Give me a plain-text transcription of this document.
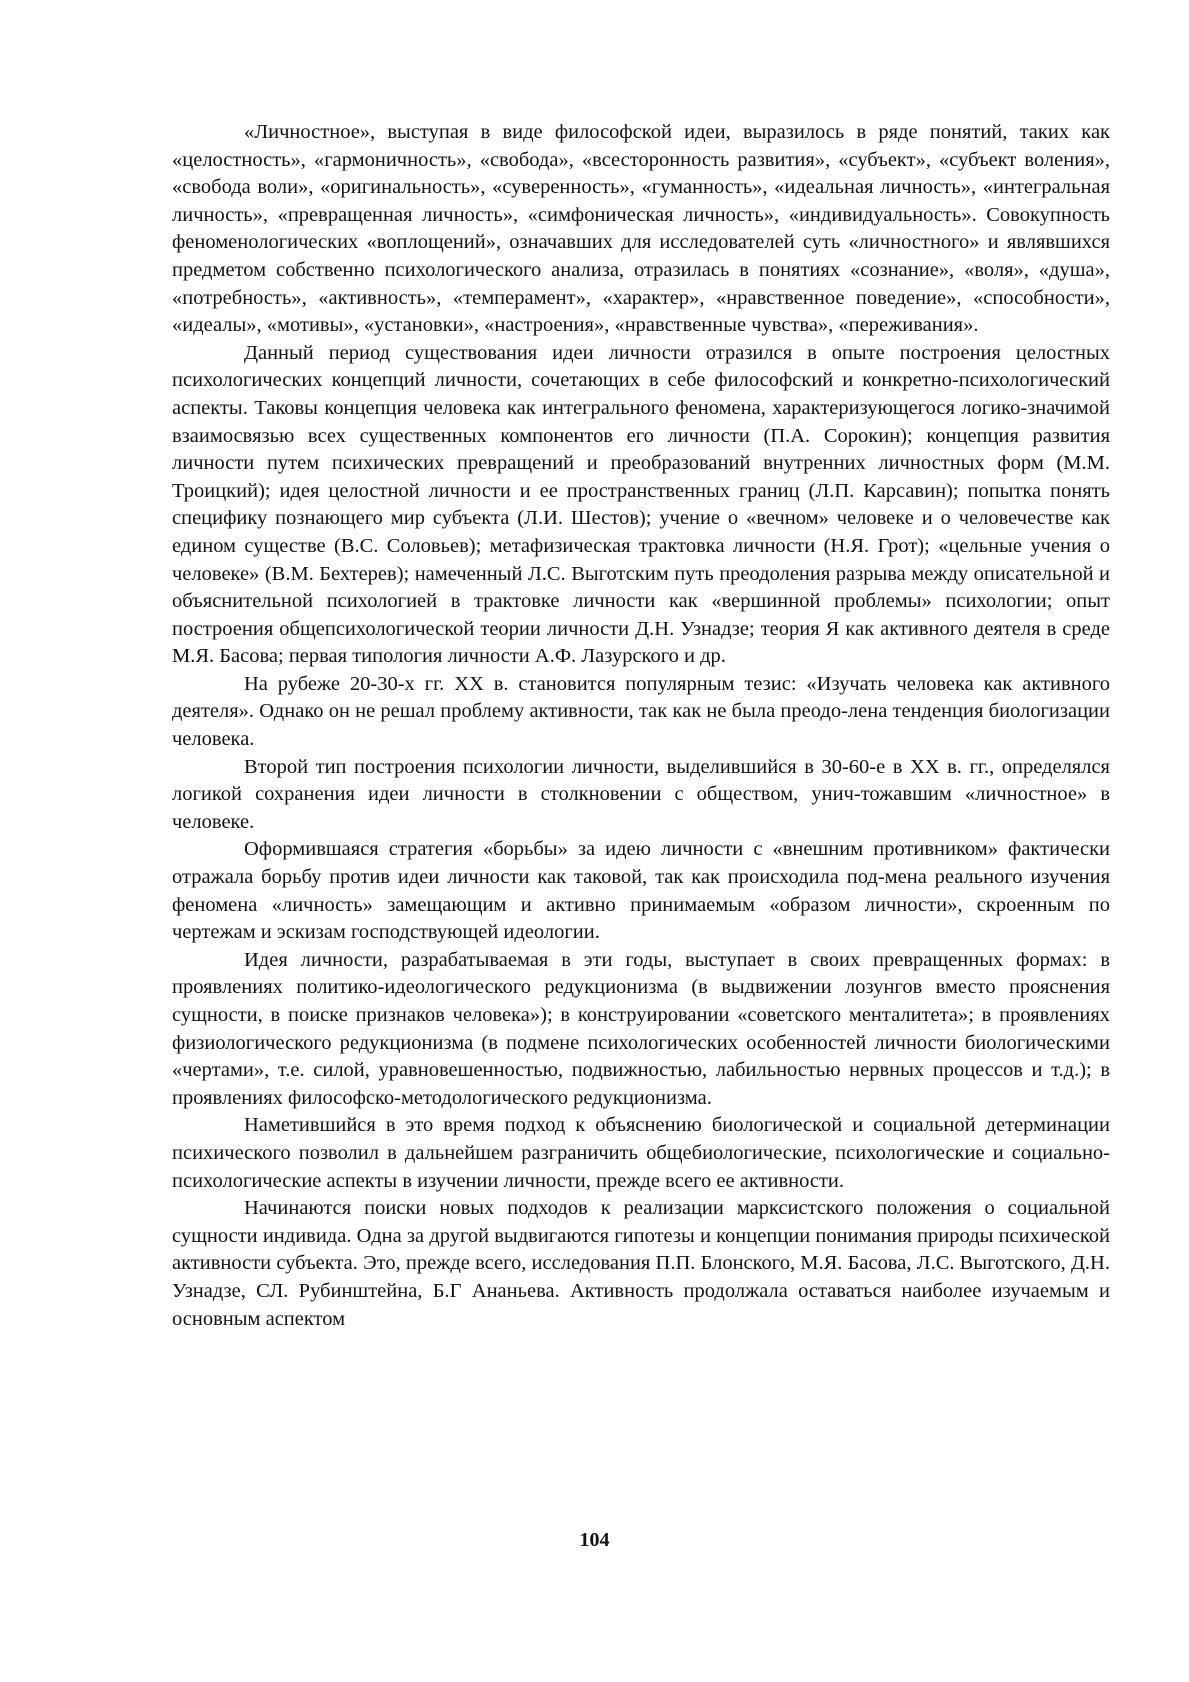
«Личностное», выступая в виде философской идеи, выразилось в ряде понятий, таких как «целостность», «гармоничность», «свобода», «всесторонность развития», «субъект», «субъект воления», «свобода воли», «оригинальность», «суверенность», «гуманность», «идеальная личность», «интегральная личность», «превращенная личность», «симфоническая личность», «индивидуальность». Совокупность феноменологических «воплощений», означавших для исследователей суть «личностного» и являвшихся предметом собственно психологического анализа, отразилась в понятиях «сознание», «воля», «душа», «потребность», «активность», «темперамент», «характер», «нравственное поведение», «способности», «идеалы», «мотивы», «установки», «настроения», «нравственные чувства», «переживания».

Данный период существования идеи личности отразился в опыте построения целостных психологических концепций личности, сочетающих в себе философский и конкретно-психологический аспекты. Таковы концепция человека как интегрального феномена, характеризующегося логико-значимой взаимосвязью всех существенных компонентов его личности (П.А. Сорокин); концепция развития личности путем психических превращений и преобразований внутренних личностных форм (М.М. Троицкий); идея целостной личности и ее пространственных границ (Л.П. Карсавин); попытка понять специфику познающего мир субъекта (Л.И. Шестов); учение о «вечном» человеке и о человечестве как едином существе (В.С. Соловьев); метафизическая трактовка личности (Н.Я. Грот); «цельные учения о человеке» (В.М. Бехтерев); намеченный Л.С. Выготским путь преодоления разрыва между описательной и объяснительной психологией в трактовке личности как «вершинной проблемы» психологии; опыт построения общепсихологической теории личности Д.Н. Узнадзе; теория Я как активного деятеля в среде М.Я. Басова; первая типология личности А.Ф. Лазурского и др.

На рубеже 20-30-х гг. XX в. становится популярным тезис: «Изучать человека как активного деятеля». Однако он не решал проблему активности, так как не была преодо-лена тенденция биологизации человека.

Второй тип построения психологии личности, выделившийся в 30-60-е в XX в. гг., определялся логикой сохранения идеи личности в столкновении с обществом, унич-тожавшим «личностное» в человеке.

Оформившаяся стратегия «борьбы» за идею личности с «внешним противником» фактически отражала борьбу против идеи личности как таковой, так как происходила под-мена реального изучения феномена «личность» замещающим и активно принимаемым «образом личности», скроенным по чертежам и эскизам господствующей идеологии.

Идея личности, разрабатываемая в эти годы, выступает в своих превращенных формах: в проявлениях политико-идеологического редукционизма (в выдвижении лозунгов вместо прояснения сущности, в поиске признаков человека»); в конструировании «советского менталитета»; в проявлениях физиологического редукционизма (в подмене психологических особенностей личности биологическими «чертами», т.е. силой, уравновешенностью, подвижностью, лабильностью нервных процессов и т.д.); в проявлениях философско-методологического редукционизма.

Наметившийся в это время подход к объяснению биологической и социальной детерминации психического позволил в дальнейшем разграничить общебиологические, психологические и социально-психологические аспекты в изучении личности, прежде всего ее активности.

Начинаются поиски новых подходов к реализации марксистского положения о социальной сущности индивида. Одна за другой выдвигаются гипотезы и концепции понимания природы психической активности субъекта. Это, прежде всего, исследования П.П. Блонского, М.Я. Басова, Л.С. Выготского, Д.Н. Узнадзе, СЛ. Рубинштейна, Б.Г Ананьева. Активность продолжала оставаться наиболее изучаемым и основным аспектом

104
